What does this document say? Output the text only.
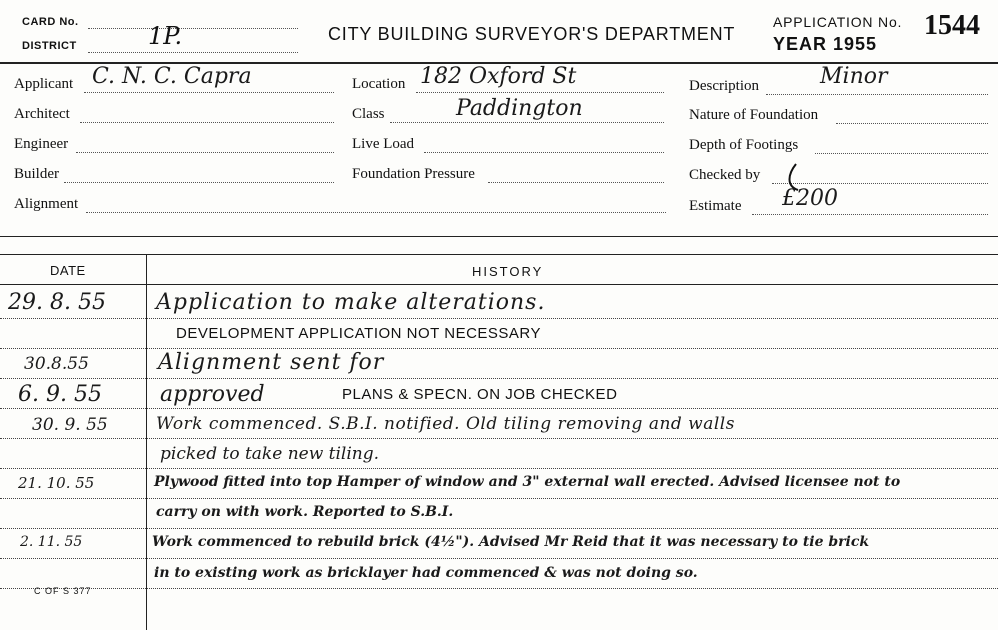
CARD No.
DISTRICT	1P.	CITY BUILDING SURVEYOR'S DEPARTMENT
APPLICATION No. 1544
YEAR 1955
Applicant C. N. C. Capra
Architect
Engineer
Builder
Alignment
Location 182 Oxford St
Class	Paddington
Live Load
Foundation Pressure
Description	Minor
Nature of Foundation
Depth of Footings
Checked by
Estimate £200
DATE	HISTORY
29. 8. 55 Application to make alterations.
DEVELOPMENT APPLICATION NOT NECESSARY
30.8.55	Alignment sent for
6. 9. 55	approved	PLANS & SPECN. ON JOB CHECKED
30. 9. 55	Work commenced. S.B.I. notified. Old tiling removing and walls
picked to take new tiling.
21. 10. 55	Plywood fitted into top Hamper of window and 3" external wall erected. Advised licensee not to
carry on with work. Reported to S.B.I.
2. 11. 55	Work commenced to rebuild brick (4½"). Advised Mr Reid that it was necessary to tie brick
in to existing work as bricklayer had commenced & was not doing so.
C OF S 377
